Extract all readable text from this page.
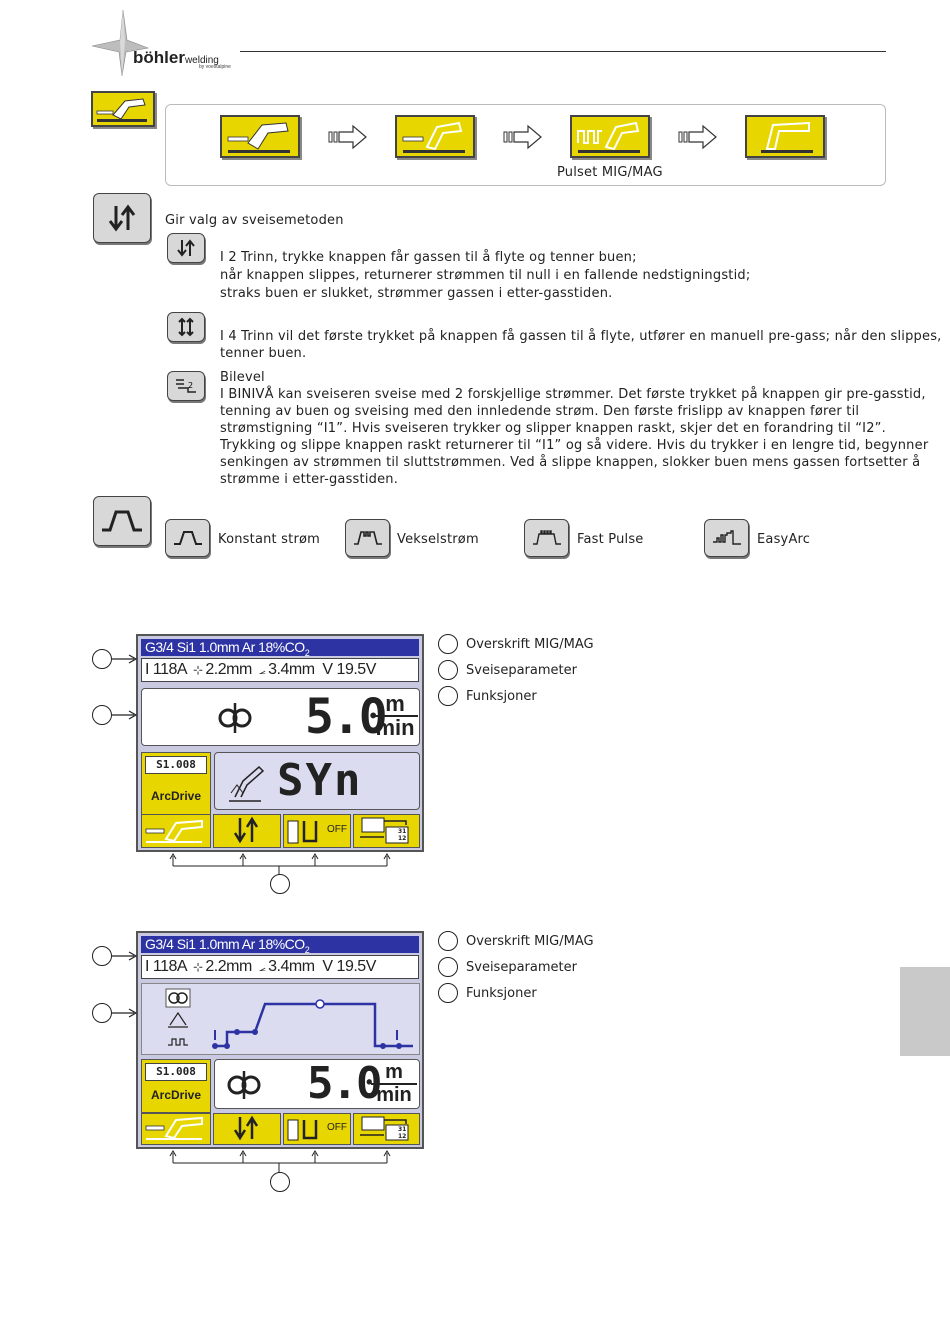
böhlerwelding
by voestalpine
Pulset MIG/MAG
Gir valg av sveisemetoden
I 2 Trinn, trykke knappen får gassen til å flyte og tenner buen;
når knappen slippes, returnerer strømmen til null i en fallende nedstigningstid;
straks buen er slukket, strømmer gassen i etter-gasstiden.
I 4 Trinn vil det første trykket på knappen få gassen til å flyte, utfører en manuell pre-gass; når den slippes,
tenner buen.
2
Bilevel
I BINIVÅ kan sveiseren sveise med 2 forskjellige strømmer. Det første trykket på knappen gir pre-gasstid,
tenning av buen og sveising med den innledende strøm. Den første frislipp av knappen fører til
strømstigning “I1”. Hvis sveiseren trykker og slipper knappen raskt, skjer det en forandring til “I2”.
Trykking og slippe knappen raskt returnerer til “I1” og så videre. Hvis du trykker i en lengre tid, begynner
senkingen av strømmen til sluttstrømmen. Ved å slippe knappen, slokker buen mens gassen fortsetter å
strømme i etter-gasstiden.
Konstant strøm	Vekselstrøm	Fast Pulse	EasyArc
G3/4 Si1 1.0mm Ar $18\%CO_2$
I 118A  ⊹ 2.2mm  ⦟ 3.4mm V 19.5V
5.0 m
min
S1.008
ArcDrive SYn
OFF	31
12
Overskrift MIG/MAG
Sveiseparameter
Funksjoner
G3/4 Si1 1.0mm Ar $18\%CO_2$
I 118A  ⊹ 2.2mm  ⦟ 3.4mm V 19.5V
S1.008
ArcDrive 5.0 m
min
OFF	31
12
Overskrift MIG/MAG
Sveiseparameter
Funksjoner
